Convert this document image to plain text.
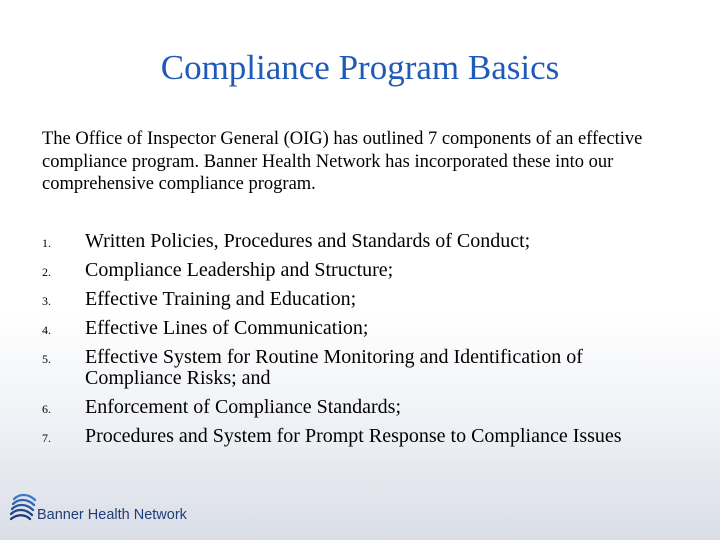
Compliance Program Basics

The Office of Inspector General (OIG) has outlined 7 components of an effective compliance program. Banner Health Network has incorporated these into our comprehensive compliance program.

1. Written Policies, Procedures and Standards of Conduct;
2. Compliance Leadership and Structure;
3. Effective Training and Education;
4. Effective Lines of Communication;
5. Effective System for Routine Monitoring and Identification of Compliance Risks; and
6. Enforcement of Compliance Standards;
7. Procedures and System for Prompt Response to Compliance Issues
Banner Health Network
